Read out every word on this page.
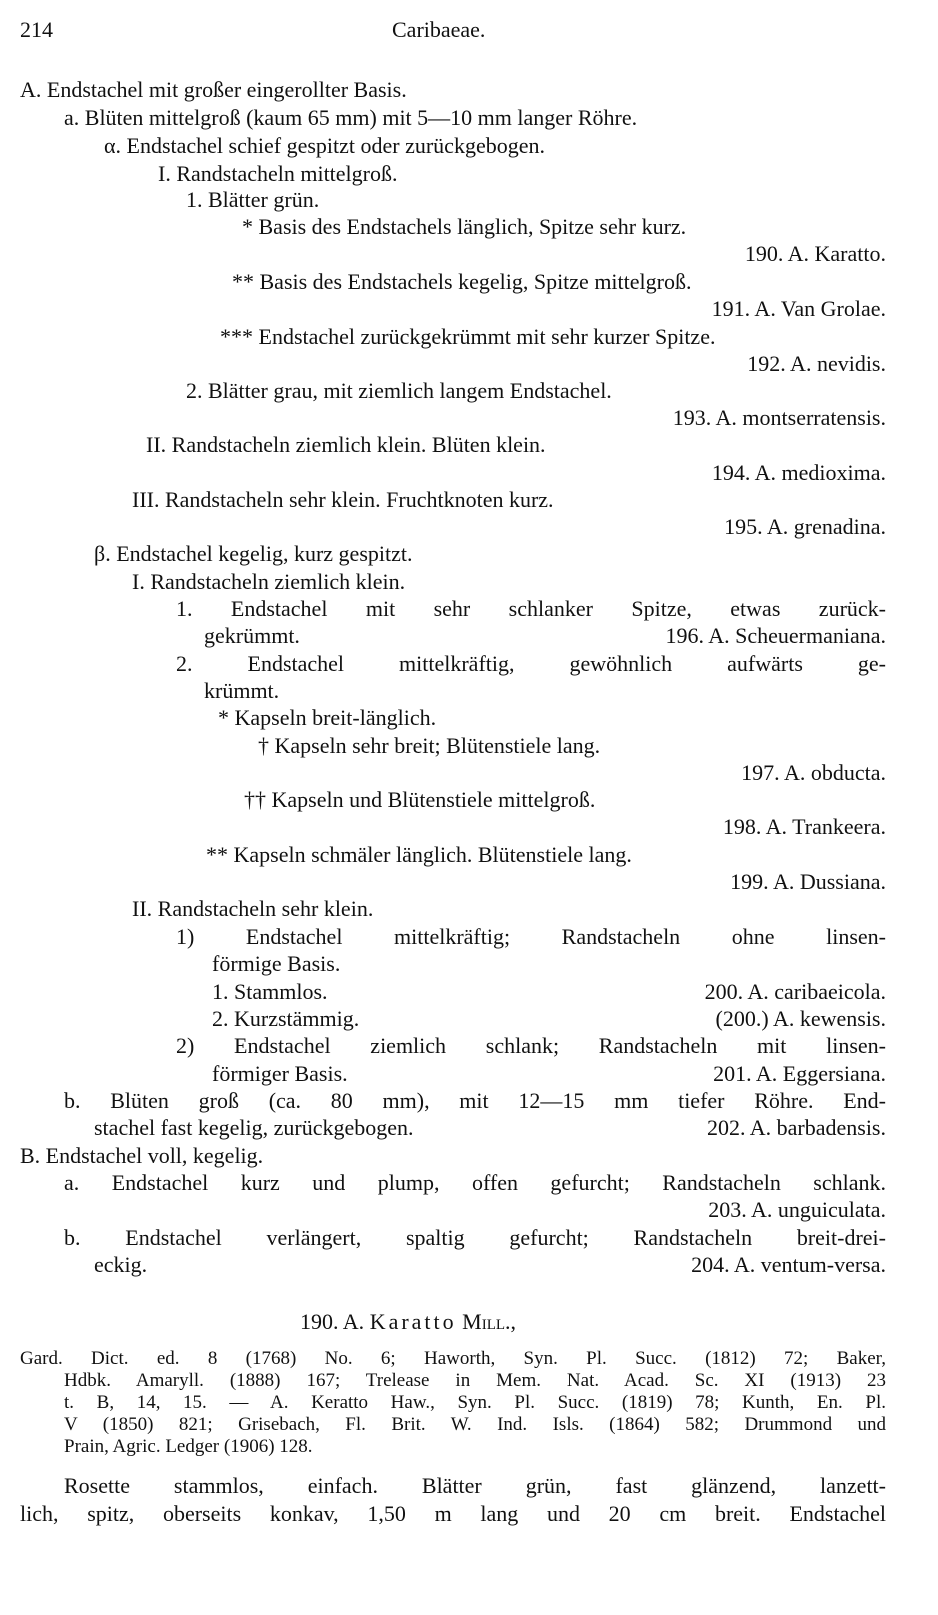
214	Caribaeae.
A. Endstachel mit großer eingerollter Basis.
a. Blüten mittelgroß (kaum 65 mm) mit 5—10 mm langer Röhre.
α. Endstachel schief gespitzt oder zurückgebogen.
I. Randstacheln mittelgroß.
1. Blätter grün.
* Basis des Endstachels länglich, Spitze sehr kurz.
190. A. Karatto.
** Basis des Endstachels kegelig, Spitze mittelgroß.
191. A. Van Grolae.
*** Endstachel zurückgekrümmt mit sehr kurzer Spitze.
192. A. nevidis.
2. Blätter grau, mit ziemlich langem Endstachel.
193. A. montserratensis.
II. Randstacheln ziemlich klein. Blüten klein.
194. A. medioxima.
III. Randstacheln sehr klein. Fruchtknoten kurz.
195. A. grenadina.
β. Endstachel kegelig, kurz gespitzt.
I. Randstacheln ziemlich klein.
1. Endstachel mit sehr schlanker Spitze, etwas zurück-
gekrümmt.	196. A. Scheuermaniana.
2. Endstachel mittelkräftig, gewöhnlich aufwärts ge-
krümmt.
* Kapseln breit-länglich.
† Kapseln sehr breit; Blütenstiele lang.
197. A. obducta.
†† Kapseln und Blütenstiele mittelgroß.
198. A. Trankeera.
** Kapseln schmäler länglich. Blütenstiele lang.
199. A. Dussiana.
II. Randstacheln sehr klein.
1) Endstachel mittelkräftig; Randstacheln ohne linsen-
förmige Basis.
1. Stammlos.	200. A. caribaeicola.
2. Kurzstämmig.	(200.) A. kewensis.
2) Endstachel ziemlich schlank; Randstacheln mit linsen-
förmiger Basis.	201. A. Eggersiana.
b. Blüten groß (ca. 80 mm), mit 12—15 mm tiefer Röhre. End-
stachel fast kegelig, zurückgebogen.	202. A. barbadensis.
B. Endstachel voll, kegelig.
a. Endstachel kurz und plump, offen gefurcht; Randstacheln schlank.
203. A. unguiculata.
b. Endstachel verlängert, spaltig gefurcht; Randstacheln breit-drei-
eckig.	204. A. ventum-versa.
190. A. Karatto Mill.,
Gard. Dict. ed. 8 (1768) No. 6; Haworth, Syn. Pl. Succ. (1812) 72; Baker,
Hdbk. Amaryll. (1888) 167; Trelease in Mem. Nat. Acad. Sc. XI (1913) 23
t. B, 14, 15. — A. Keratto Haw., Syn. Pl. Succ. (1819) 78; Kunth, En. Pl.
V (1850) 821; Grisebach, Fl. Brit. W. Ind. Isls. (1864) 582; Drummond und
Prain, Agric. Ledger (1906) 128.
Rosette stammlos, einfach. Blätter grün, fast glänzend, lanzett-
lich, spitz, oberseits konkav, 1,50 m lang und 20 cm breit. Endstachel
